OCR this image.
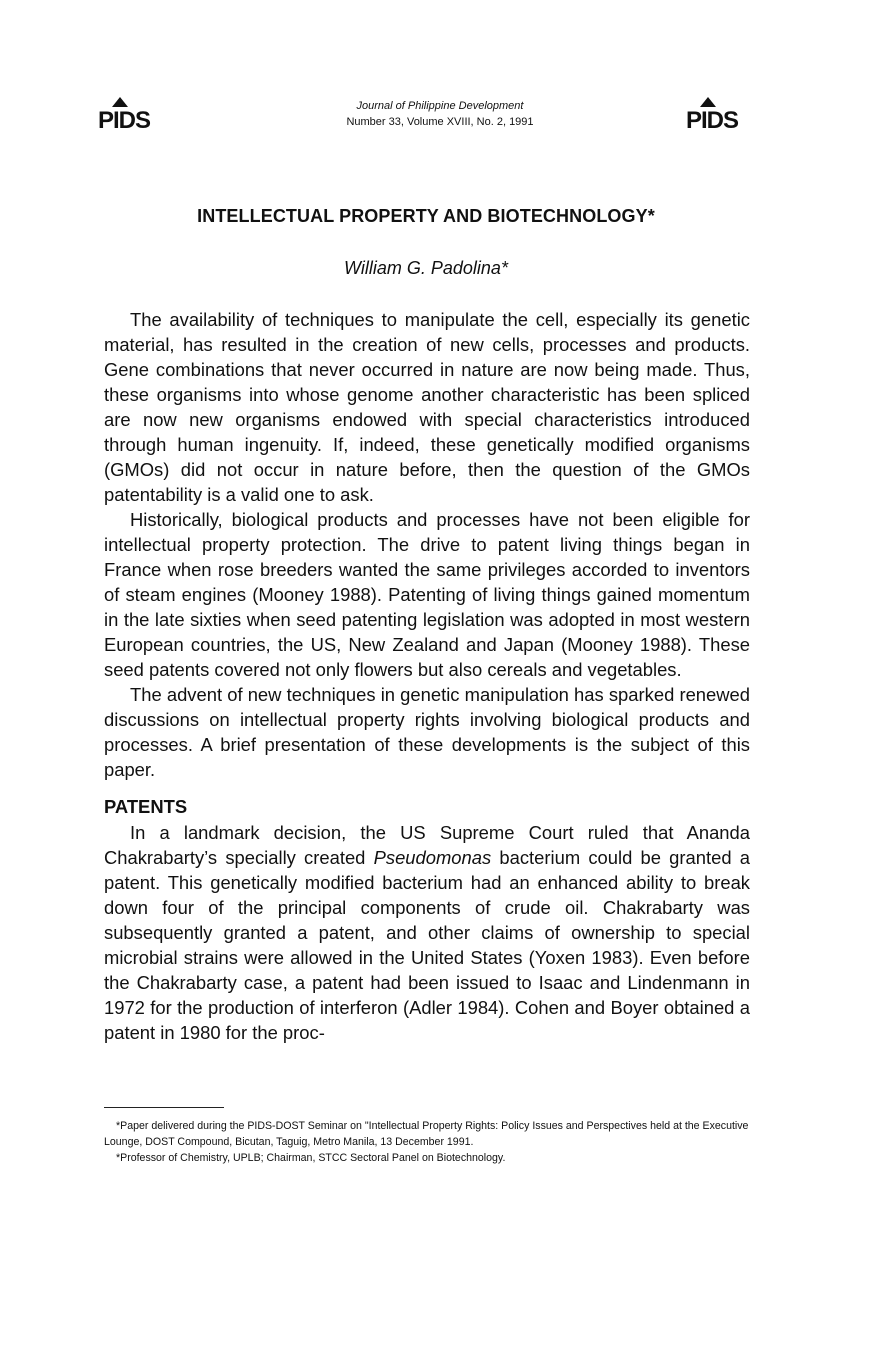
PIDS
Journal of Philippine Development
Number 33, Volume XVIII, No. 2, 1991	PIDS
INTELLECTUAL PROPERTY AND BIOTECHNOLOGY*
William G. Padolina*

The availability of techniques to manipulate the cell, especially its genetic material, has resulted in the creation of new cells, processes and products. Gene combinations that never occurred in nature are now being made. Thus, these organisms into whose genome another characteristic has been spliced are now new organisms endowed with special characteristics introduced through human ingenuity. If, indeed, these genetically modified organisms (GMOs) did not occur in nature before, then the question of the GMOs patentability is a valid one to ask.

Historically, biological products and processes have not been eligible for intellectual property protection. The drive to patent living things began in France when rose breeders wanted the same privileges accorded to inventors of steam engines (Mooney 1988). Patenting of living things gained momentum in the late sixties when seed patenting legislation was adopted in most western European countries, the US, New Zealand and Japan (Mooney 1988). These seed patents covered not only flowers but also cereals and vegetables.

The advent of new techniques in genetic manipulation has sparked renewed discussions on intellectual property rights involving biological products and processes. A brief presentation of these developments is the subject of this paper.

PATENTS

In a landmark decision, the US Supreme Court ruled that Ananda Chakrabarty’s specially created Pseudomonas bacterium could be granted a patent. This genetically modified bacterium had an enhanced ability to break down four of the principal components of crude oil. Chakrabarty was subsequently granted a patent, and other claims of ownership to special microbial strains were allowed in the United States (Yoxen 1983). Even before the Chakrabarty case, a patent had been issued to Isaac and Lindenmann in 1972 for the production of interferon (Adler 1984). Cohen and Boyer obtained a patent in 1980 for the proc-

*Paper delivered during the PIDS-DOST Seminar on "Intellectual Property Rights: Policy Issues and Perspectives held at the Executive Lounge, DOST Compound, Bicutan, Taguig, Metro Manila, 13 December 1991.

*Professor of Chemistry, UPLB; Chairman, STCC Sectoral Panel on Biotechnology.
